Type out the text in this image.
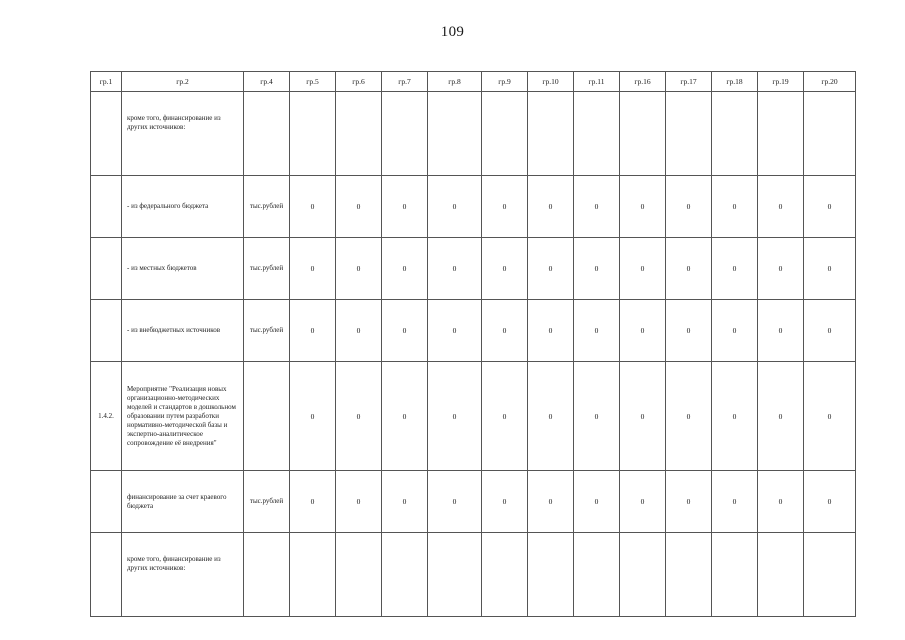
109
гр.1	гр.2	гр.4	гр.5	гр.6	гр.7	гр.8	гр.9	гр.10	гр.11	гр.16	гр.17	гр.18	гр.19	гр.20
	кроме того, финансирование из других источников:													
	- из федерального бюджета	тыс.рублей	0	0	0	0	0	0	0	0	0	0	0	0
	- из местных бюджетов	тыс.рублей	0	0	0	0	0	0	0	0	0	0	0	0
	- из внебюджетных источников	тыс.рублей	0	0	0	0	0	0	0	0	0	0	0	0
1.4.2.	Мероприятие "Реализация новых организационно-методических моделей и стандартов в дошкольном образовании путем разработки нормативно-методической базы и экспертно-аналитическое сопровождение её внедрения"		0	0	0	0	0	0	0	0	0	0	0	0
	финансирование за счет краевого бюджета	тыс.рублей	0	0	0	0	0	0	0	0	0	0	0	0
	кроме того, финансирование из других источников:													
